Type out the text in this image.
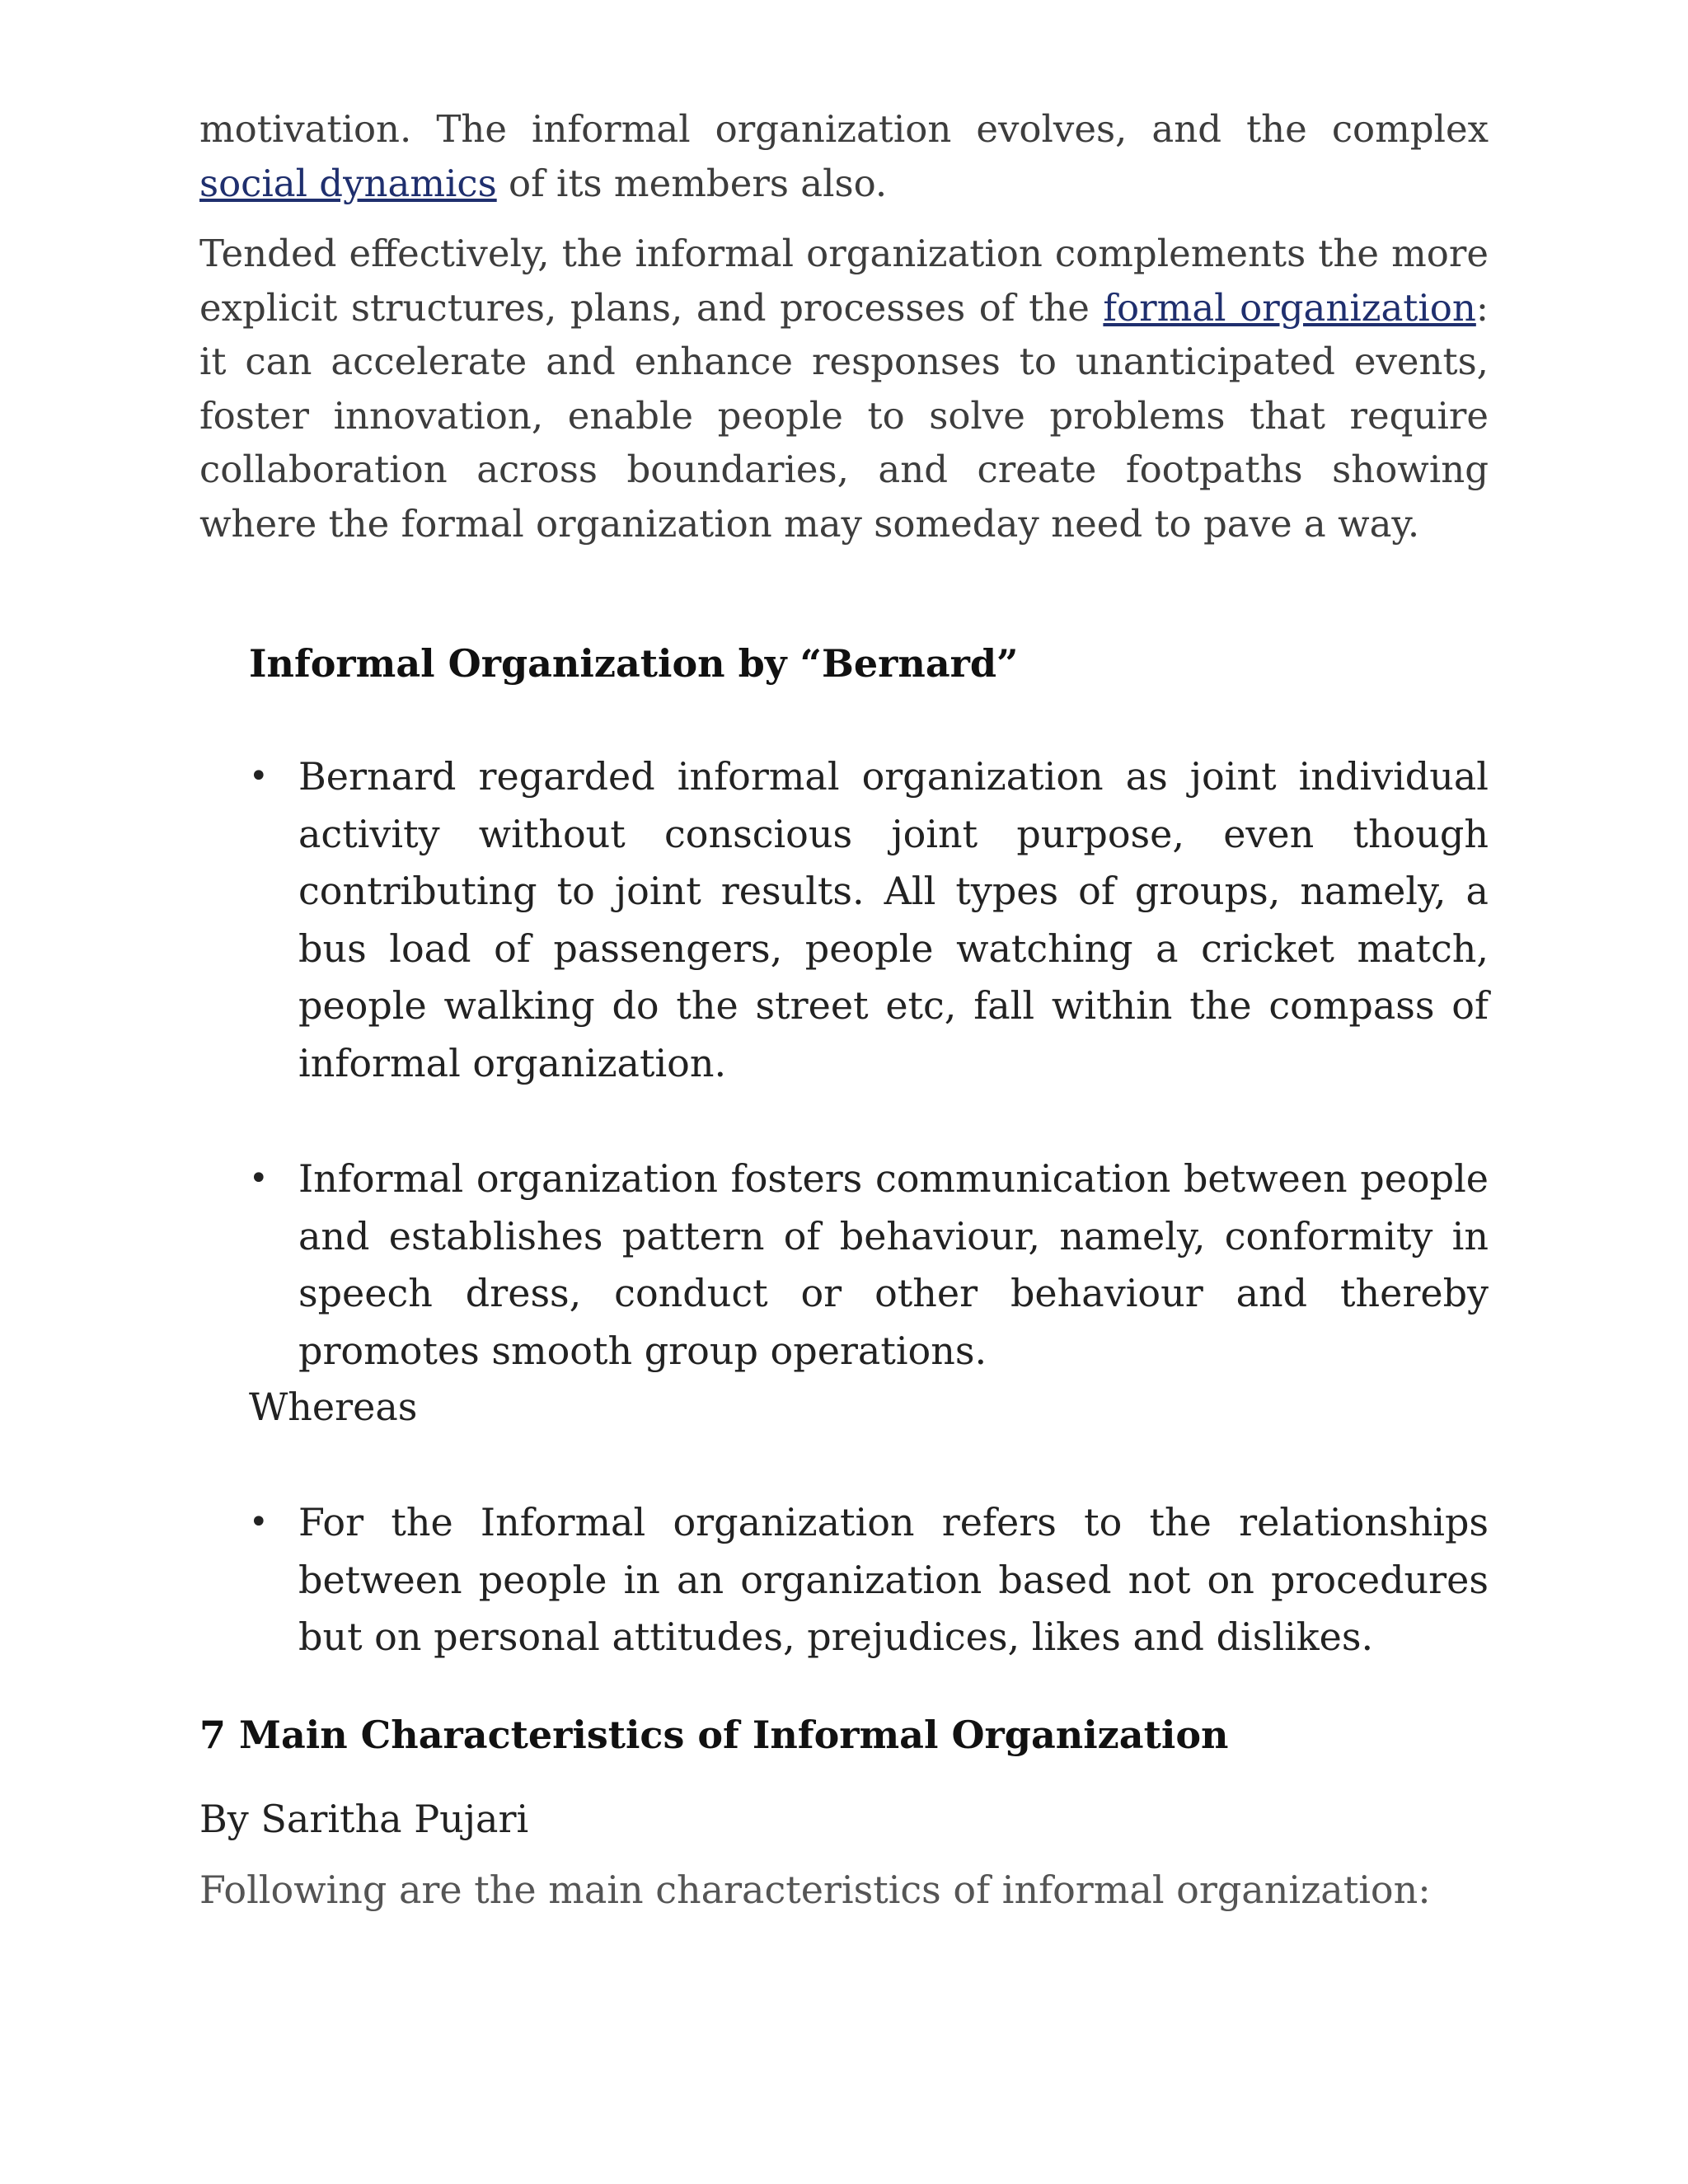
motivation. The informal organization evolves, and the complex social dynamics of its members also.

Tended effectively, the informal organization complements the more explicit structures, plans, and processes of the formal organization: it can accelerate and enhance responses to unanticipated events, foster innovation, enable people to solve problems that require collaboration across boundaries, and create footpaths showing where the formal organization may someday need to pave a way.

Informal Organization by “Bernard”
• Bernard regarded informal organization as joint individual activity without conscious joint purpose, even though contributing to joint results. All types of groups, namely, a bus load of passengers, people watching a cricket match, people walking do the street etc, fall within the compass of informal organization.
• Informal organization fosters communication between people and establishes pattern of behaviour, namely, conformity in speech dress, conduct or other behaviour and thereby promotes smooth group operations.
Whereas
• For the Informal organization refers to the relationships between people in an organization based not on procedures but on personal attitudes, prejudices, likes and dislikes.
7 Main Characteristics of Informal Organization
By Saritha Pujari
Following are the main characteristics of informal organization:
